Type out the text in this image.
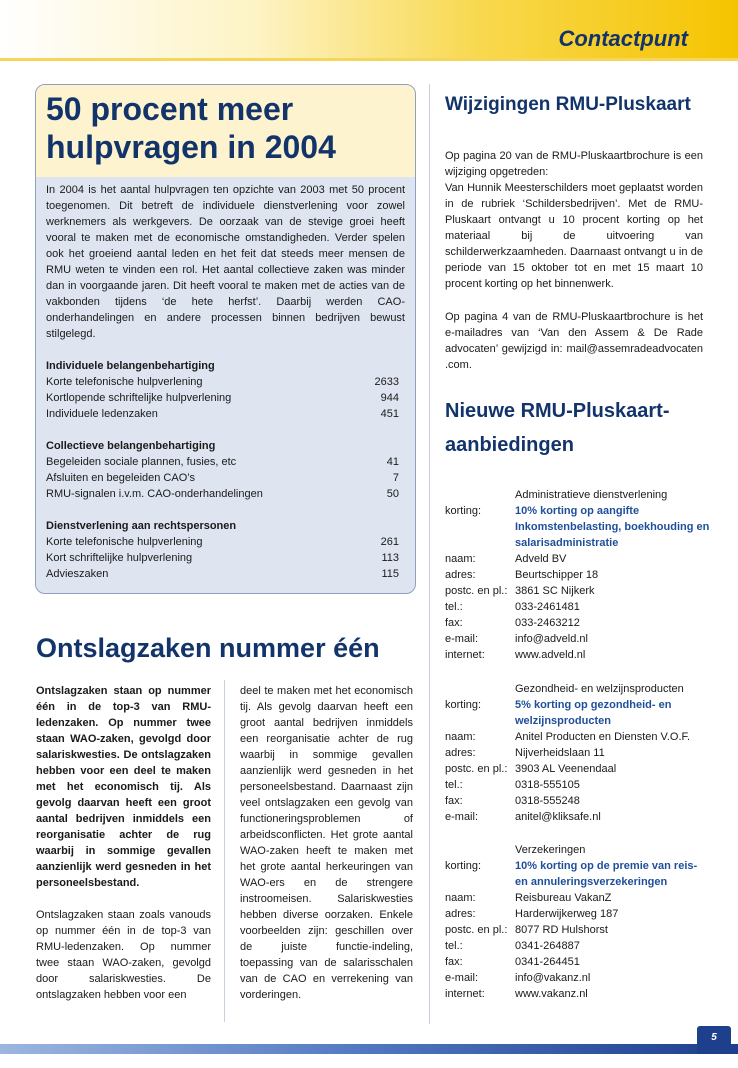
Contactpunt
50 procent meer
hulpvragen in 2004

In 2004 is het aantal hulpvragen ten opzichte van 2003 met 50 procent toegenomen. Dit betreft de individuele dienstverlening voor zowel werknemers als werkgevers. De oorzaak van de stevige groei heeft vooral te maken met de economische omstandigheden. Verder spelen ook het groeiend aantal leden en het feit dat steeds meer mensen de RMU weten te vinden een rol. Het aantal collectieve zaken was minder dan in voorgaande jaren. Dit heeft vooral te maken met de acties van de vakbonden tijdens ‘de hete herfst’. Daarbij werden CAO-onderhandelingen en andere processen binnen bedrijven bewust stilgelegd.

Individuele belangenbehartiging
Korte telefonische hulpverlening	2633
Kortlopende schriftelijke hulpverlening	944
Individuele ledenzaken	451
Collectieve belangenbehartiging
Begeleiden sociale plannen, fusies, etc	41
Afsluiten en begeleiden CAO’s	7
RMU-signalen i.v.m. CAO-onderhandelingen	50
Dienstverlening aan rechtspersonen
Korte telefonische hulpverlening	261
Kort schriftelijke hulpverlening	113
Advieszaken	115
Ontslagzaken nummer één

Ontslagzaken staan op nummer één in de top-3 van RMU-ledenzaken. Op nummer twee staan WAO-zaken, gevolgd door salariskwesties. De ontslagzaken hebben voor een deel te maken met het economisch tij. Als gevolg daarvan heeft een groot aantal bedrijven inmiddels een reorganisatie achter de rug waarbij in sommige gevallen aanzienlijk werd gesneden in het personeelsbestand.

Ontslagzaken staan zoals vanouds op nummer één in de top-3 van RMU-ledenzaken. Op nummer twee staan WAO-zaken, gevolgd door salariskwesties. De ontslagzaken hebben voor een

deel te maken met het economisch tij. Als gevolg daarvan heeft een groot aantal bedrijven inmiddels een reorganisatie achter de rug waarbij in sommige gevallen aanzienlijk werd gesneden in het personeelsbestand. Daarnaast zijn veel ontslagzaken een gevolg van functioneringsproblemen of arbeidsconflicten. Het grote aantal WAO-zaken heeft te maken met het grote aantal herkeuringen van WAO-ers en de strengere instroomeisen. Salariskwesties hebben diverse oorzaken. Enkele voorbeelden zijn: geschillen over de juiste functie-indeling, toepassing van de salarisschalen van de CAO en verrekening van vorderingen.

Wijzigingen RMU-Pluskaart

Op pagina 20 van de RMU-Pluskaartbrochure is een wijziging opgetreden:
Van Hunnik Meesterschilders moet geplaatst worden in de rubriek ‘Schildersbedrijven’. Met de RMU-Pluskaart ontvangt u 10 procent korting op het materiaal bij de uitvoering van schilderwerkzaamheden. Daarnaast ontvangt u in de periode van 15 oktober tot en met 15 maart 10 procent korting op het binnenwerk.

Op pagina 4 van de RMU-Pluskaartbrochure is het e-mailadres van ‘Van den Assem & De Rade advocaten’ gewijzigd in: mail@assemradeadvocaten .com.

Nieuwe RMU-Pluskaart-
aanbiedingen
Administratieve dienstverlening
korting:	10% korting op aangifte Inkomstenbelasting, boekhouding en salarisadministratie
naam:	Adveld BV
adres:	Beurtschipper 18
postc. en pl.: 3861 SC Nijkerk
tel.:	033-2461481
fax:	033-2463212
e-mail:	info@adveld.nl
internet:	www.adveld.nl
Gezondheid- en welzijnsproducten
korting:	5% korting op gezondheid- en welzijnsproducten
naam:	Anitel Producten en Diensten V.O.F.
adres:	Nijverheidslaan 11
postc. en pl.: 3903 AL Veenendaal
tel.:	0318-555105
fax:	0318-555248
e-mail:	anitel@kliksafe.nl
Verzekeringen
korting:	10% korting op de premie van reis- en annuleringsverzekeringen
naam:	Reisbureau VakanZ
adres:	Harderwijkerweg 187
postc. en pl.: 8077 RD Hulshorst
tel.:	0341-264887
fax:	0341-264451
e-mail:	info@vakanz.nl
internet:	www.vakanz.nl
5
